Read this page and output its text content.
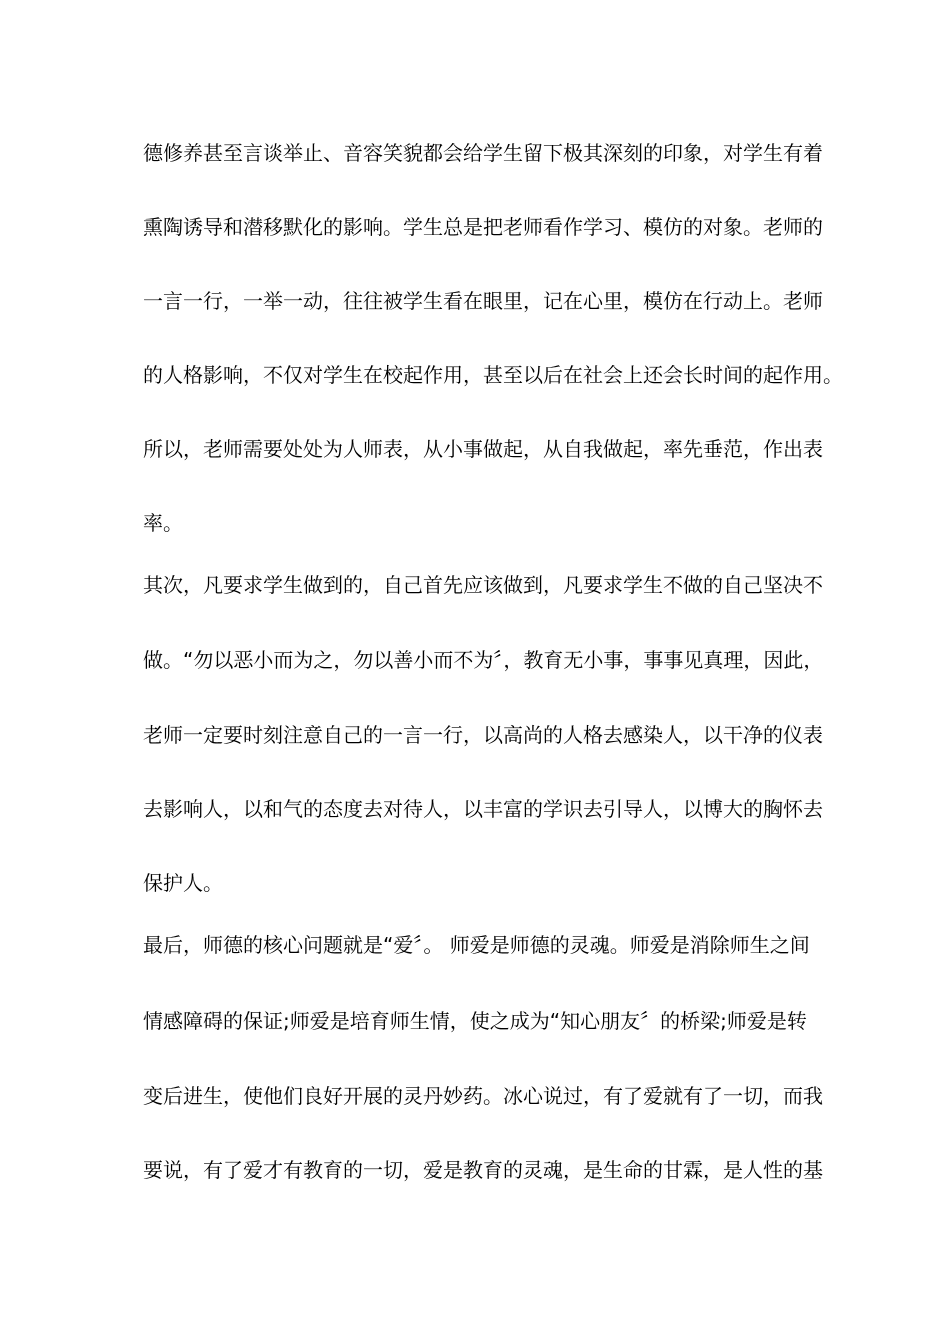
德修养甚至言谈举止、音容笑貌都会给学生留下极其深刻的印象，对学生有着
熏陶诱导和潜移默化的影响。学生总是把老师看作学习、模仿的对象。老师的
一言一行，一举一动，往往被学生看在眼里，记在心里，模仿在行动上。老师
的人格影响，不仅对学生在校起作用，甚至以后在社会上还会长时间的起作用。
所以，老师需要处处为人师表，从小事做起，从自我做起，率先垂范，作出表
率。
其次，凡要求学生做到的，自己首先应该做到，凡要求学生不做的自己坚决不
做。“勿以恶小而为之，勿以善小而不为〞，教育无小事，事事见真理，因此，
老师一定要时刻注意自己的一言一行，以高尚的人格去感染人，以干净的仪表
去影响人，以和气的态度去对待人，以丰富的学识去引导人，以博大的胸怀去
保护人。
最后，师德的核心问题就是“爱〞。 师爱是师德的灵魂。师爱是消除师生之间
情感障碍的保证;师爱是培育师生情，使之成为“知心朋友〞的桥梁;师爱是转
变后进生，使他们良好开展的灵丹妙药。冰心说过，有了爱就有了一切，而我
要说，有了爱才有教育的一切，爱是教育的灵魂，是生命的甘霖，是人性的基
